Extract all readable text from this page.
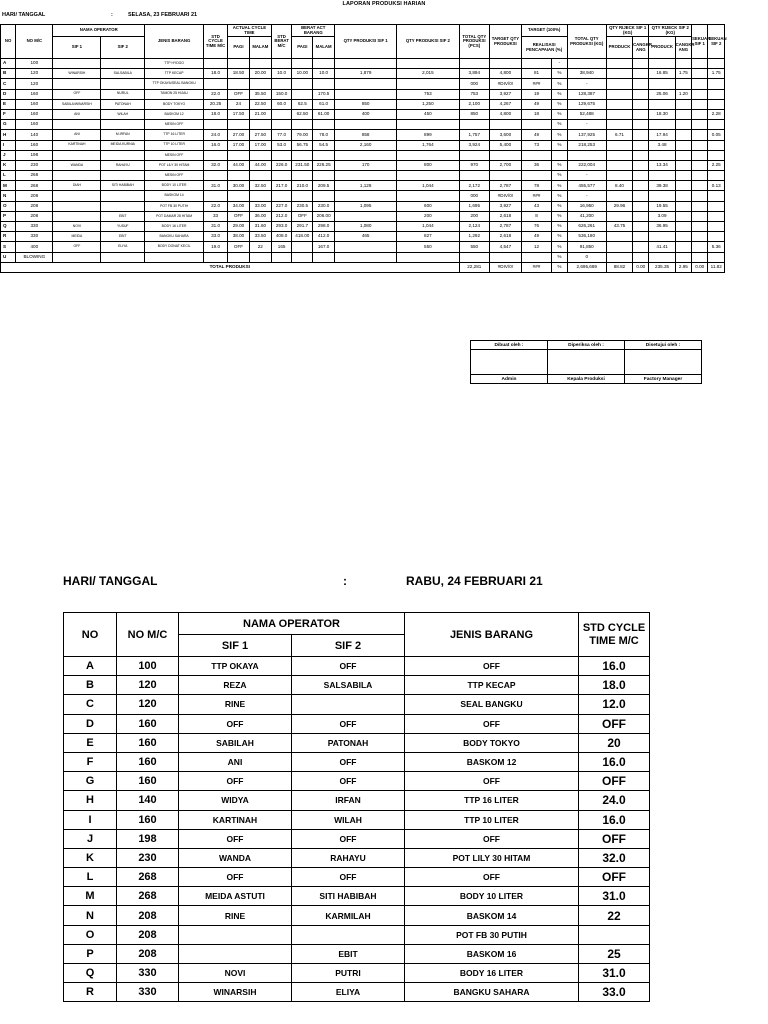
LAPORAN PRODUKSI HARIAN
HARI/ TANGGAL	:	SELASA, 23 FEBRUARI 21
NO	NO M/C	NAMA OPERATOR		JENIS BARANG	STD CYCLE TIME M/C	ACTUAL CYCLE TIME		STD BERAT M/C	BERAT ACT BARANG		QTY PRODUKSI SIF 1	QTY PRODUKSI SIF 2	TOTAL QTY PRODUKSI (PCS)	TARGET QTY PRODUKSI	TARGET (100%)		TOTAL QTY PRODUKSI (KG)	QTY RIJECK SIF 1 (KG)		QTY RIJECK SIF 2 (KG)		SEKUAN SIF 1	SEKUAN SIF 2
		SIF 1	SIF 2			PAGI	MALAM		PAGI	MALAM					REALISASI PENCAPAIAN (%)			PRODUCK	CANGKR ANG	PRODUCK	CANGKR ANG		
A	100			TTP HYDGO												-							
B	120	WINARSIH	SALSABILA	TTP KECAP	18.0	18.50	20.00	10.0	10.00	10.0	1,879	2,015	3,894	4,800	81	%	38,940			16.85	1.75		1.75
C	120			TTP OKAYA/SEAL BANGKU									000	#DIV/0!	###	%	-						
D	160	OFF	NURUL	TAMON 25 HIJAU	22.0	OFF	35.50	150.0		170.5		753	753	3,927	19	%	128,387			25.06	1.20		
E	160	SABILA/WINARSIH	PATONAH	BODY TOKYO	20.25	24	22.50	60.0	62.5	61.0	850	1,250	2,100	4,267	49	%	129,675						
F	160	ANI	WILAH	BASKOM 12	18.0	17.50	21.00		62.50	61.00	400	450	850	4,800	18	%	52,488			18.30			2.28
G	160			MESIN OFF												%	-						
H	140	ANI	M.IRFAN	TTP 16 LITER	24.0	27.00	27.50	77.0	79.00	78.0	858	899	1,757	3,600	49	%	137,925	6.71		17.94			0.05
I	160	KARTINAH	MEIDA KURNIA	TTP 10 LITER	16.0	17.00	17.00	53.0	56.75	54.5	2,160	1,764	3,924	5,400	73	%	218,253			3.48			
J	198			MESIN OFF																			
K	230	WANDA	RAHAYU	POT LILY 30 HITAM	32.0	44.00	44.00	226.0	231.50	226.25	170	800	970	2,700	36	%	222,004			13.34			2.25
L	268			MESIN OFF												%	-						
M	268	DIAH	SITI HABIBAH	BODY 10 LITER	31.0	30.00	32.50	217.0	210.0	209.5	1,128	1,044	2,172	2,787	78	%	455,577	8.40		39.38			0.13
N	208			BASKOM 14									000	#DIV/0!	###	%	-						
O	208			POT FB 30 PUTIH	22.0	34.00	33.00	227.0	230.5	230.0	1,095	600	1,695	3,927	43	%	16,950	29.96		19.55			
P	208		EBIT	POT DAMAR 28 HITAM	33	OFF	36.00	212.0	OFF	206.00		200	200	2,618	8	%	41,200			3.09			
Q	330	NOVI	YUSUF	BODY 16 LITER	31.0	29.00	31.60	293.0	291.7	298.0	1,080	1,044	2,124	2,787	76	%	626,261	43.75		36.95			
R	330	MEIDA	EBIT	BANGKU SAHARA	33.0	38.00	33.50	408.0	418.00	412.0	465	827	1,292	2,618	49	%	536,180						
S	400	OFF	ELIYA	BODY DONAT KECIL	19.0	OFF	22	165		167.0		550	550	4,547	12	%	91,850			41.41			5.36
U	BLOWING															%	0						
TOTAL PRODUKSI													22,281	#DIV/0!	###	%	2,695,689	88.82	0.00	235.35	2.95	0.00	11.82
Dibuat oleh :	Diperiksa oleh :	Disetujui oleh :

Admin	Kepala Produksi	Factory Manager
HARI/ TANGGAL	:	RABU, 24 FEBRUARI 21
NO	NO M/C	NAMA OPERATOR		JENIS BARANG	STD CYCLE TIME M/C
		SIF 1	SIF 2		
A	100	TTP OKAYA	OFF	OFF	16.0
B	120	REZA	SALSABILA	TTP KECAP	18.0
C	120	RINE		SEAL BANGKU	12.0
D	160	OFF	OFF	OFF	OFF
E	160	SABILAH	PATONAH	BODY TOKYO	20
F	160	ANI	OFF	BASKOM 12	16.0
G	160	OFF	OFF	OFF	OFF
H	140	WIDYA	IRFAN	TTP 16 LITER	24.0
I	160	KARTINAH	WILAH	TTP 10 LITER	16.0
J	198	OFF	OFF	OFF	OFF
K	230	WANDA	RAHAYU	POT LILY 30 HITAM	32.0
L	268	OFF	OFF	OFF	OFF
M	268	MEIDA ASTUTI	SITI HABIBAH	BODY 10 LITER	31.0
N	208	RINE	KARMILAH	BASKOM 14	22
O	208			POT FB 30 PUTIH	
P	208		EBIT	BASKOM 16	25
Q	330	NOVI	PUTRI	BODY 16 LITER	31.0
R	330	WINARSIH	ELIYA	BANGKU SAHARA	33.0
